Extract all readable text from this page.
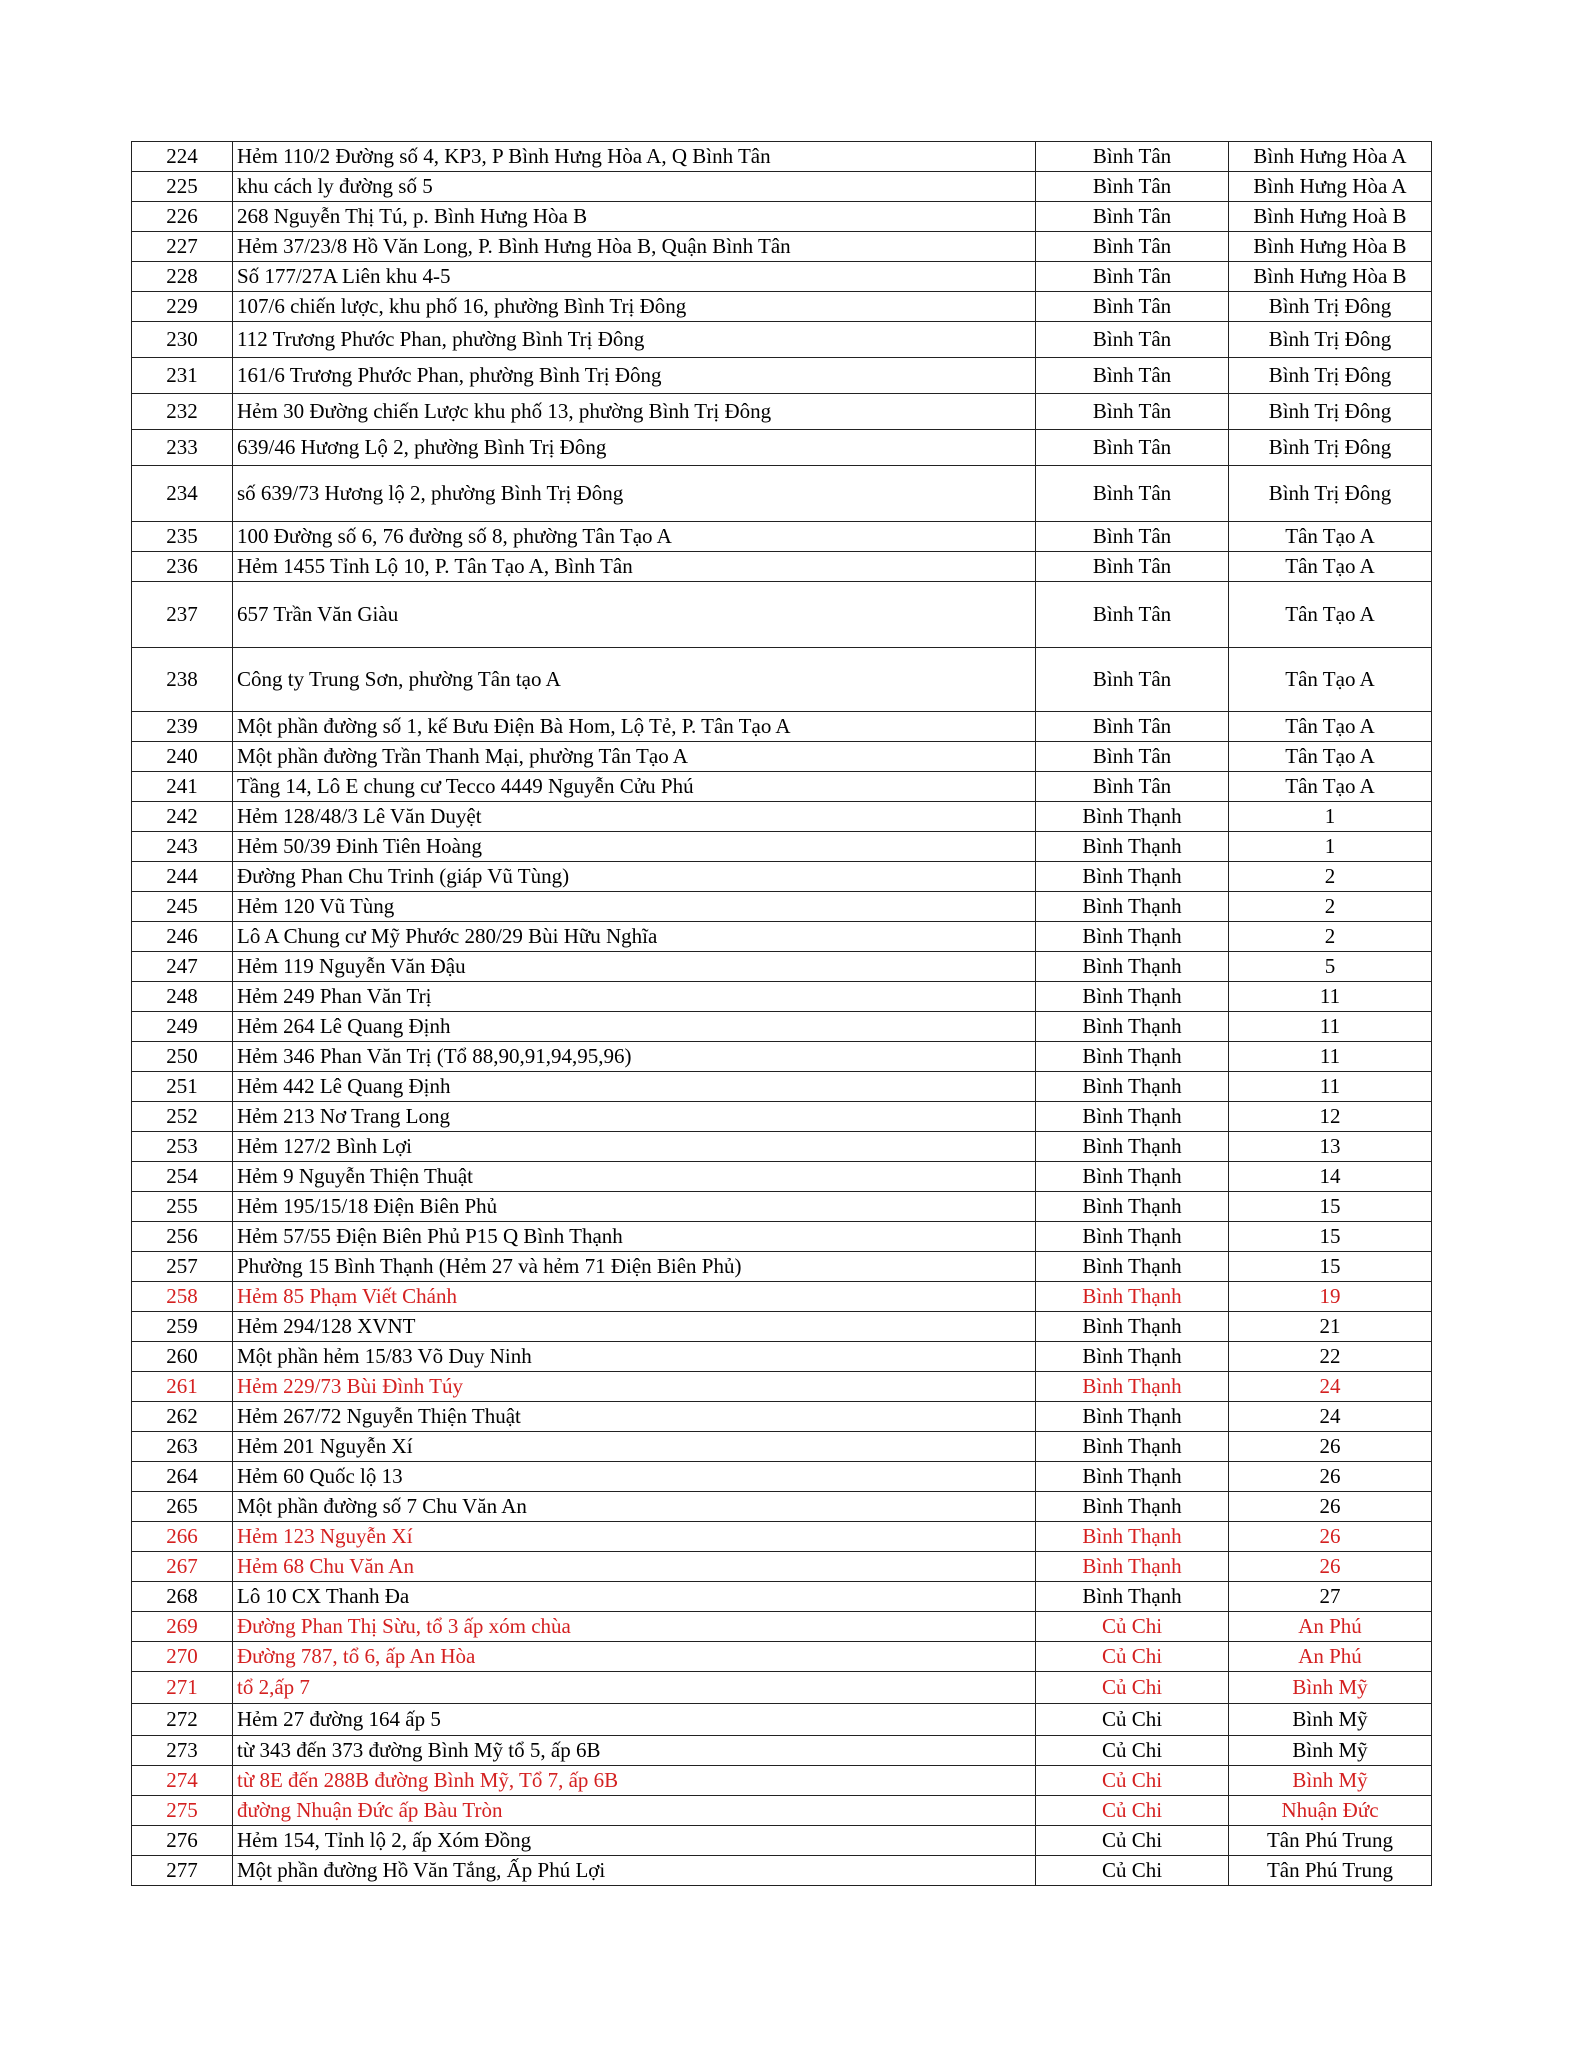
224	Hẻm 110/2 Đường số 4, KP3, P Bình Hưng Hòa A, Q Bình Tân	Bình Tân	Bình Hưng Hòa A
225	khu cách ly đường số 5	Bình Tân	Bình Hưng Hòa A
226	268 Nguyễn Thị Tú, p. Bình Hưng Hòa B	Bình Tân	Bình Hưng Hoà B
227	Hẻm 37/23/8 Hồ Văn Long, P. Bình Hưng Hòa B, Quận Bình Tân	Bình Tân	Bình Hưng Hòa B
228	Số 177/27A Liên khu 4-5	Bình Tân	Bình Hưng Hòa B
229	107/6 chiến lược, khu phố 16, phường Bình Trị Đông	Bình Tân	Bình Trị Đông
230	112 Trương Phước Phan, phường Bình Trị Đông	Bình Tân	Bình Trị Đông
231	161/6 Trương Phước Phan, phường Bình Trị Đông	Bình Tân	Bình Trị Đông
232	Hẻm 30 Đường chiến Lược khu phố 13, phường Bình Trị Đông	Bình Tân	Bình Trị Đông
233	639/46 Hương Lộ 2, phường Bình Trị Đông	Bình Tân	Bình Trị Đông
234	số 639/73 Hương lộ 2, phường Bình Trị Đông	Bình Tân	Bình Trị Đông
235	100 Đường số 6, 76 đường số 8, phường Tân Tạo A	Bình Tân	Tân Tạo A
236	Hẻm 1455 Tỉnh Lộ 10, P. Tân Tạo A, Bình Tân	Bình Tân	Tân Tạo A
237	657 Trần Văn Giàu	Bình Tân	Tân Tạo A
238	Công ty Trung Sơn, phường Tân tạo A	Bình Tân	Tân Tạo A
239	Một phần đường số 1, kế Bưu Điện Bà Hom, Lộ Tẻ, P. Tân Tạo A	Bình Tân	Tân Tạo A
240	Một phần đường Trần Thanh Mại, phường Tân Tạo A	Bình Tân	Tân Tạo A
241	Tầng 14, Lô E chung cư Tecco 4449 Nguyễn Cửu Phú	Bình Tân	Tân Tạo A
242	Hẻm 128/48/3 Lê Văn Duyệt	Bình Thạnh	1
243	Hẻm 50/39 Đinh Tiên Hoàng	Bình Thạnh	1
244	Đường Phan Chu Trinh (giáp Vũ Tùng)	Bình Thạnh	2
245	Hẻm 120 Vũ Tùng	Bình Thạnh	2
246	Lô A Chung cư Mỹ Phước 280/29 Bùi Hữu Nghĩa	Bình Thạnh	2
247	Hẻm 119 Nguyễn Văn Đậu	Bình Thạnh	5
248	Hẻm 249 Phan Văn Trị	Bình Thạnh	11
249	Hẻm 264 Lê Quang Định	Bình Thạnh	11
250	Hẻm 346 Phan Văn Trị (Tổ 88,90,91,94,95,96)	Bình Thạnh	11
251	Hẻm 442 Lê Quang Định	Bình Thạnh	11
252	Hẻm 213 Nơ Trang Long	Bình Thạnh	12
253	Hẻm 127/2 Bình Lợi	Bình Thạnh	13
254	Hẻm 9 Nguyễn Thiện Thuật	Bình Thạnh	14
255	Hẻm 195/15/18 Điện Biên Phủ	Bình Thạnh	15
256	Hẻm 57/55 Điện Biên Phủ P15 Q Bình Thạnh	Bình Thạnh	15
257	Phường 15 Bình Thạnh (Hẻm 27 và hẻm 71 Điện Biên Phủ)	Bình Thạnh	15
258	Hẻm 85 Phạm Viết Chánh	Bình Thạnh	19
259	Hẻm 294/128 XVNT	Bình Thạnh	21
260	Một phần hẻm 15/83 Võ Duy Ninh	Bình Thạnh	22
261	Hẻm 229/73 Bùi Đình Túy	Bình Thạnh	24
262	Hẻm 267/72 Nguyễn Thiện Thuật	Bình Thạnh	24
263	Hẻm 201 Nguyễn Xí	Bình Thạnh	26
264	Hẻm 60 Quốc lộ 13	Bình Thạnh	26
265	Một phần đường số 7 Chu Văn An	Bình Thạnh	26
266	Hẻm 123 Nguyễn Xí	Bình Thạnh	26
267	Hẻm 68 Chu Văn An	Bình Thạnh	26
268	Lô 10 CX Thanh Đa	Bình Thạnh	27
269	Đường Phan Thị Sừu, tổ 3 ấp xóm chùa	Củ Chi	An Phú
270	Đường 787, tổ 6, ấp An Hòa	Củ Chi	An Phú
271	tổ 2,ấp 7	Củ Chi	Bình Mỹ
272	Hẻm 27 đường 164 ấp 5	Củ Chi	Bình Mỹ
273	từ 343 đến 373 đường Bình Mỹ tổ 5, ấp 6B	Củ Chi	Bình Mỹ
274	từ 8E đến 288B đường Bình Mỹ, Tổ 7, ấp 6B	Củ Chi	Bình Mỹ
275	đường Nhuận Đức ấp Bàu Tròn	Củ Chi	Nhuận Đức
276	Hẻm 154, Tỉnh lộ 2, ấp Xóm Đồng	Củ Chi	Tân Phú Trung
277	Một phần đường Hồ Văn Tắng, Ấp Phú Lợi	Củ Chi	Tân Phú Trung
